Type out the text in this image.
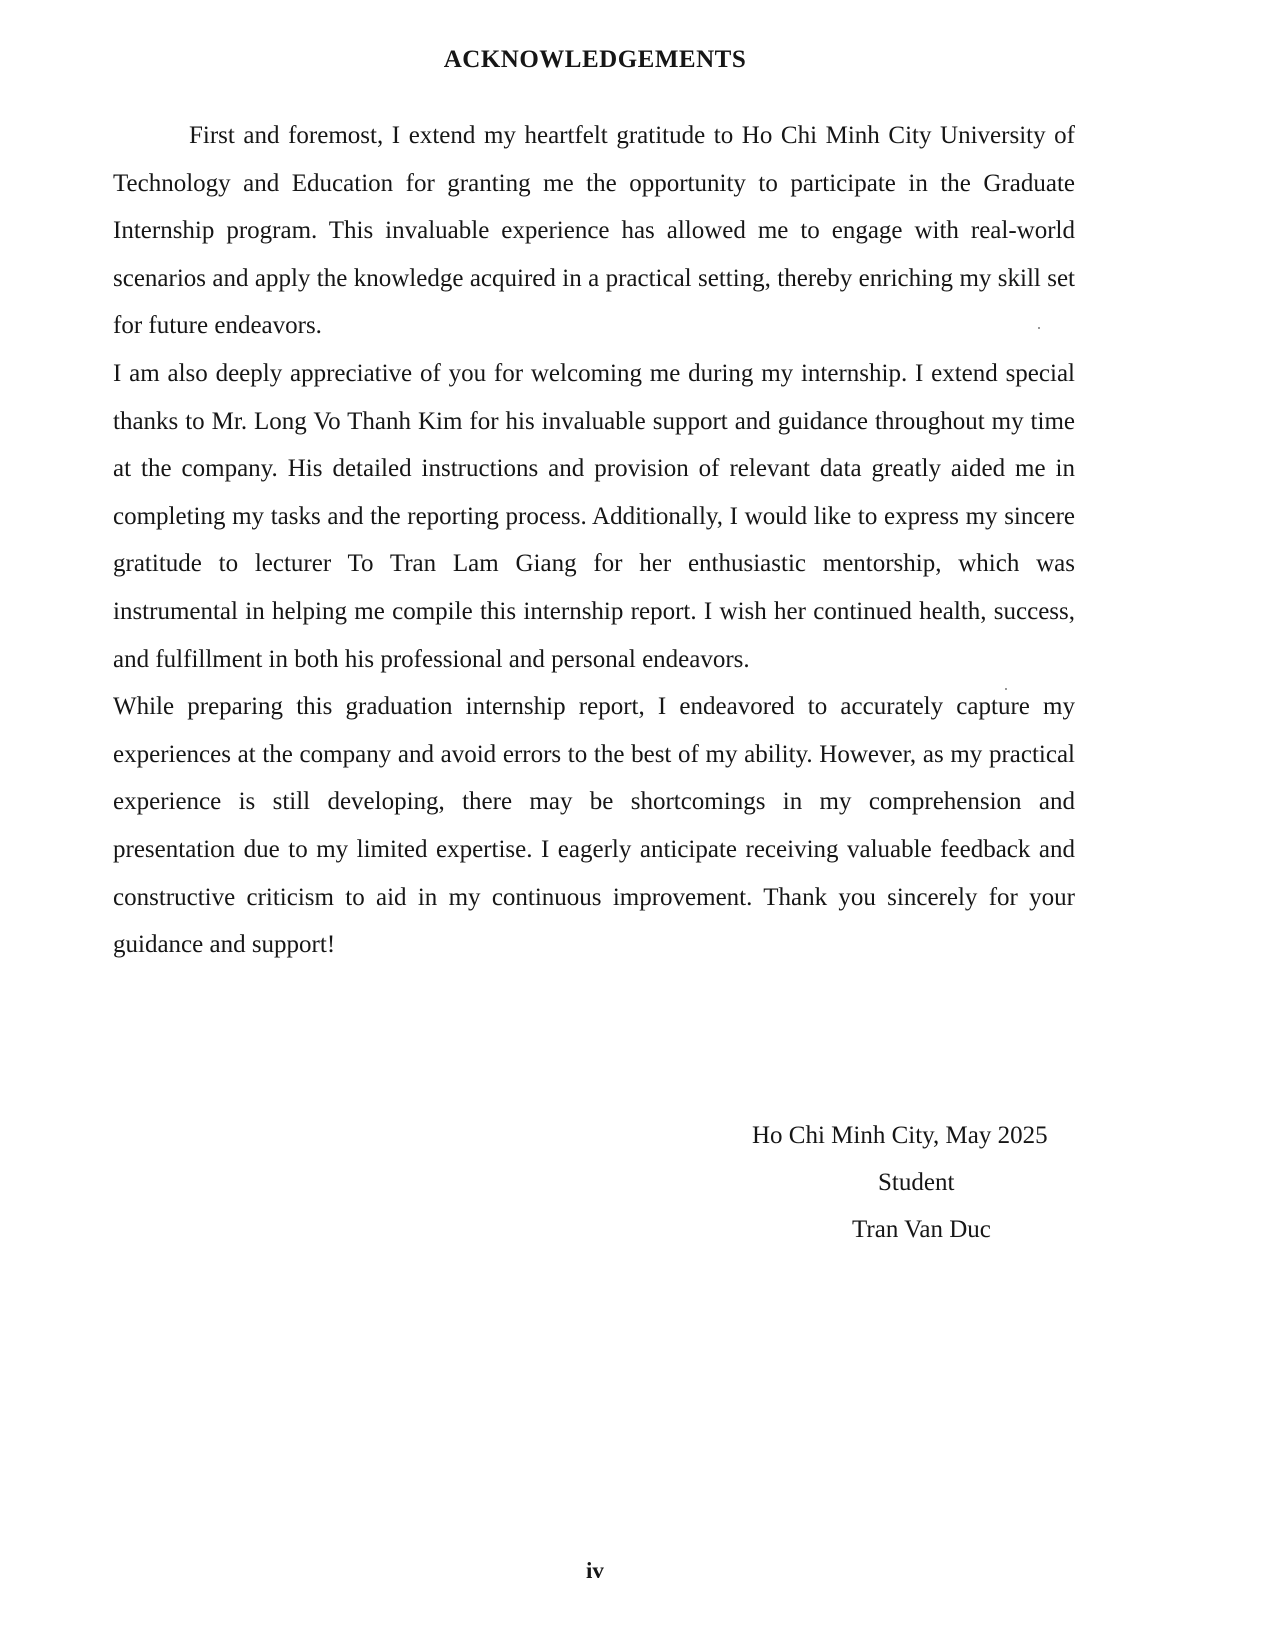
ACKNOWLEDGEMENTS

First and foremost, I extend my heartfelt gratitude to Ho Chi Minh City University of Technology and Education for granting me the opportunity to participate in the Graduate Internship program. This invaluable experience has allowed me to engage with real-world scenarios and apply the knowledge acquired in a practical setting, thereby enriching my skill set for future endeavors.

I am also deeply appreciative of you for welcoming me during my internship. I extend special thanks to Mr. Long Vo Thanh Kim for his invaluable support and guidance throughout my time at the company. His detailed instructions and provision of relevant data greatly aided me in completing my tasks and the reporting process. Additionally, I would like to express my sincere gratitude to lecturer To Tran Lam Giang for her enthusiastic mentorship, which was instrumental in helping me compile this internship report. I wish her continued health, success, and fulfillment in both his professional and personal endeavors.

While preparing this graduation internship report, I endeavored to accurately capture my experiences at the company and avoid errors to the best of my ability. However, as my practical experience is still developing, there may be shortcomings in my comprehension and presentation due to my limited expertise. I eagerly anticipate receiving valuable feedback and constructive criticism to aid in my continuous improvement. Thank you sincerely for your guidance and support!

Ho Chi Minh City, May 2025
Student
Tran Van Duc
iv
